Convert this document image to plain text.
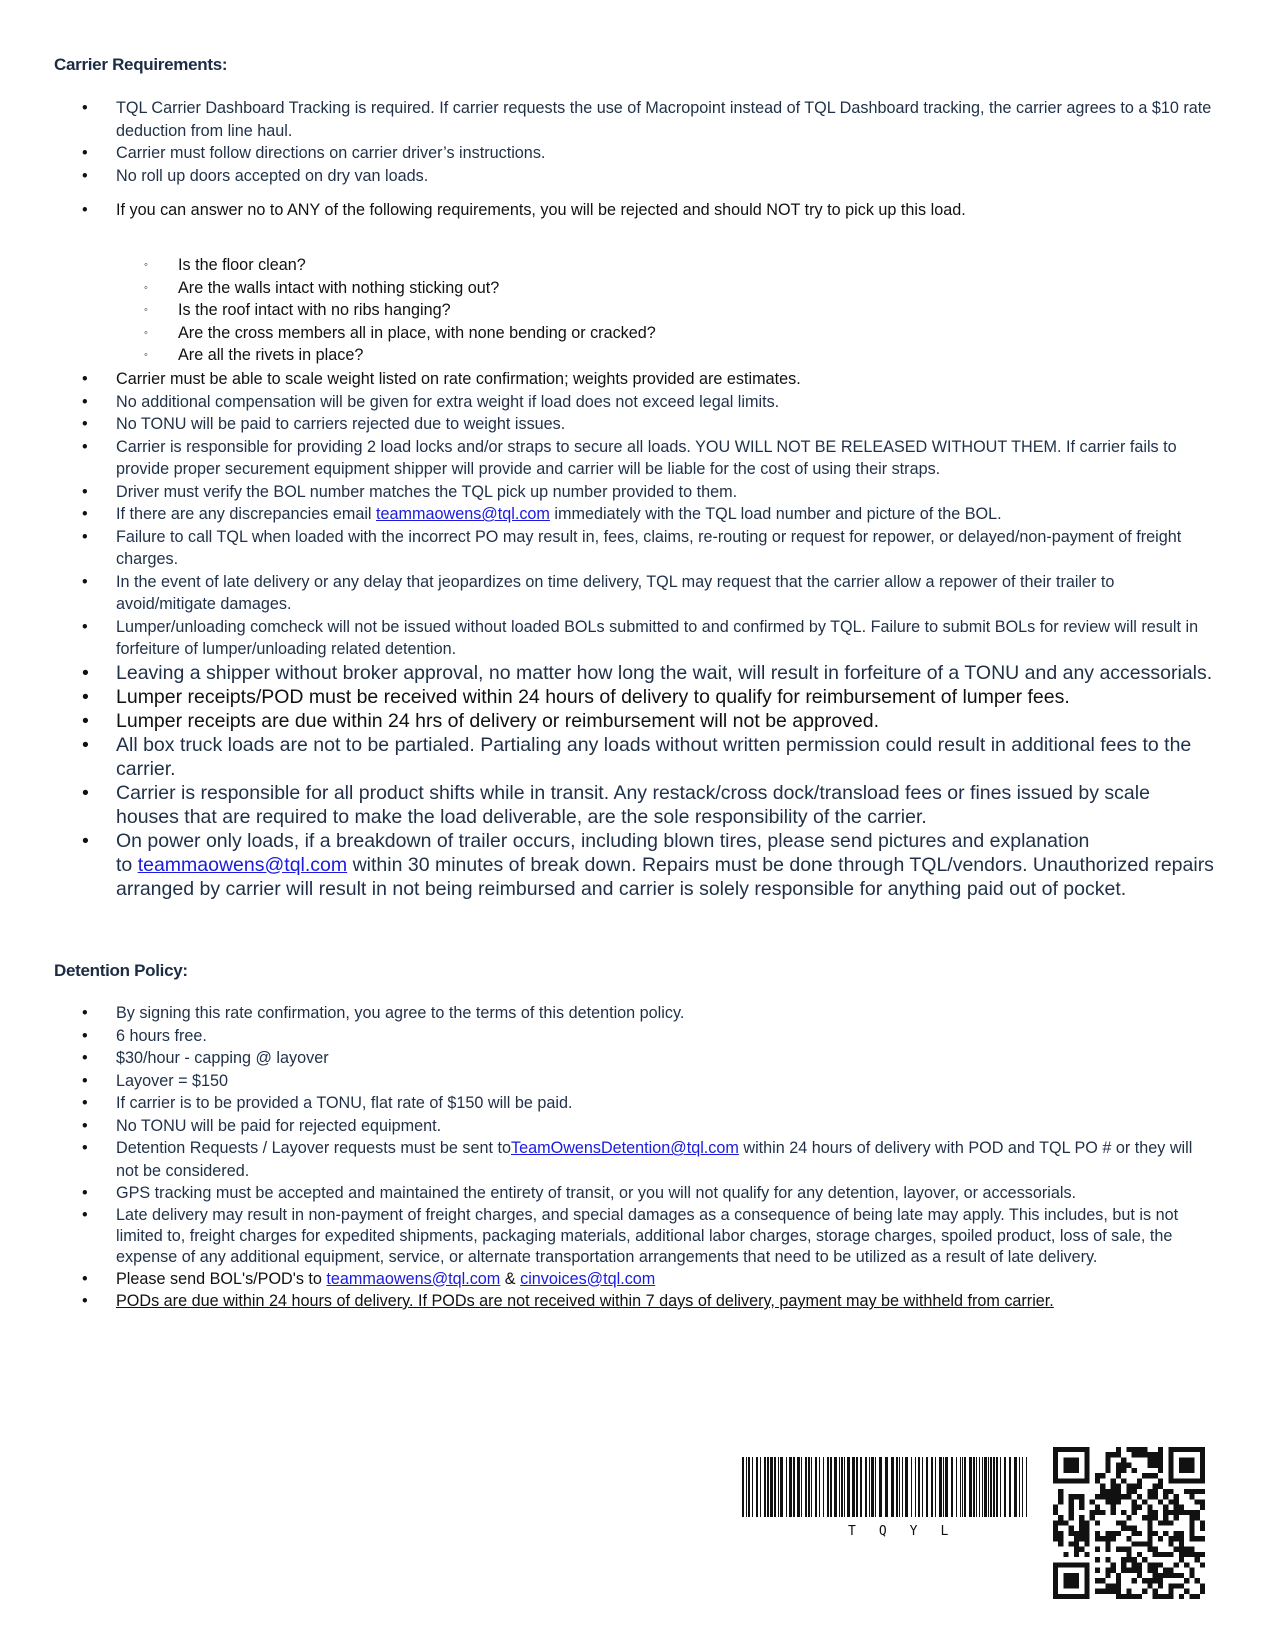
Carrier Requirements:
• TQL Carrier Dashboard Tracking is required. If carrier requests the use of Macropoint instead of TQL Dashboard tracking, the carrier agrees to a $10 rate deduction from line haul.
• Carrier must follow directions on carrier driver’s instructions.
• No roll up doors accepted on dry van loads.
• If you can answer no to ANY of the following requirements, you will be rejected and should NOT try to pick up this load.
◦ Is the floor clean?
◦ Are the walls intact with nothing sticking out?
◦ Is the roof intact with no ribs hanging?
◦ Are the cross members all in place, with none bending or cracked?
◦ Are all the rivets in place?
• Carrier must be able to scale weight listed on rate confirmation; weights provided are estimates.
• No additional compensation will be given for extra weight if load does not exceed legal limits.
• No TONU will be paid to carriers rejected due to weight issues.
• Carrier is responsible for providing 2 load locks and/or straps to secure all loads. YOU WILL NOT BE RELEASED WITHOUT THEM. If carrier fails to provide proper securement equipment shipper will provide and carrier will be liable for the cost of using their straps.
• Driver must verify the BOL number matches the TQL pick up number provided to them.
• If there are any discrepancies email teammaowens@tql.com immediately with the TQL load number and picture of the BOL.
• Failure to call TQL when loaded with the incorrect PO may result in, fees, claims, re-routing or request for repower, or delayed/non-payment of freight charges.
• In the event of late delivery or any delay that jeopardizes on time delivery, TQL may request that the carrier allow a repower of their trailer to avoid/mitigate damages.
• Lumper/unloading comcheck will not be issued without loaded BOLs submitted to and confirmed by TQL. Failure to submit BOLs for review will result in forfeiture of lumper/unloading related detention.
• Leaving a shipper without broker approval, no matter how long the wait, will result in forfeiture of a TONU and any accessorials.
• Lumper receipts/POD must be received within 24 hours of delivery to qualify for reimbursement of lumper fees.
• Lumper receipts are due within 24 hrs of delivery or reimbursement will not be approved.
• All box truck loads are not to be partialed. Partialing any loads without written permission could result in additional fees to the carrier.
• Carrier is responsible for all product shifts while in transit. Any restack/cross dock/transload fees or fines issued by scale houses that are required to make the load deliverable, are the sole responsibility of the carrier.
• On power only loads, if a breakdown of trailer occurs, including blown tires, please send pictures and explanation
to teammaowens@tql.com within 30 minutes of break down. Repairs must be done through TQL/vendors. Unauthorized repairs arranged by carrier will result in not being reimbursed and carrier is solely responsible for anything paid out of pocket.
Detention Policy:
• By signing this rate confirmation, you agree to the terms of this detention policy.
• 6 hours free.
• $30/hour - capping @ layover
• Layover = $150
• If carrier is to be provided a TONU, flat rate of $150 will be paid.
• No TONU will be paid for rejected equipment.
• Detention Requests / Layover requests must be sent toTeamOwensDetention@tql.com within 24 hours of delivery with POD and TQL PO # or they will not be considered.
• GPS tracking must be accepted and maintained the entirety of transit, or you will not qualify for any detention, layover, or accessorials.
• Late delivery may result in non-payment of freight charges, and special damages as a consequence of being late may apply. This includes, but is not limited to, freight charges for expedited shipments, packaging materials, additional labor charges, storage charges, spoiled product, loss of sale, the expense of any additional equipment, service, or alternate transportation arrangements that need to be utilized as a result of late delivery.
• Please send BOL's/POD's to teammaowens@tql.com & cinvoices@tql.com
• PODs are due within 24 hours of delivery. If PODs are not received within 7 days of delivery, payment may be withheld from carrier.
TQYL
